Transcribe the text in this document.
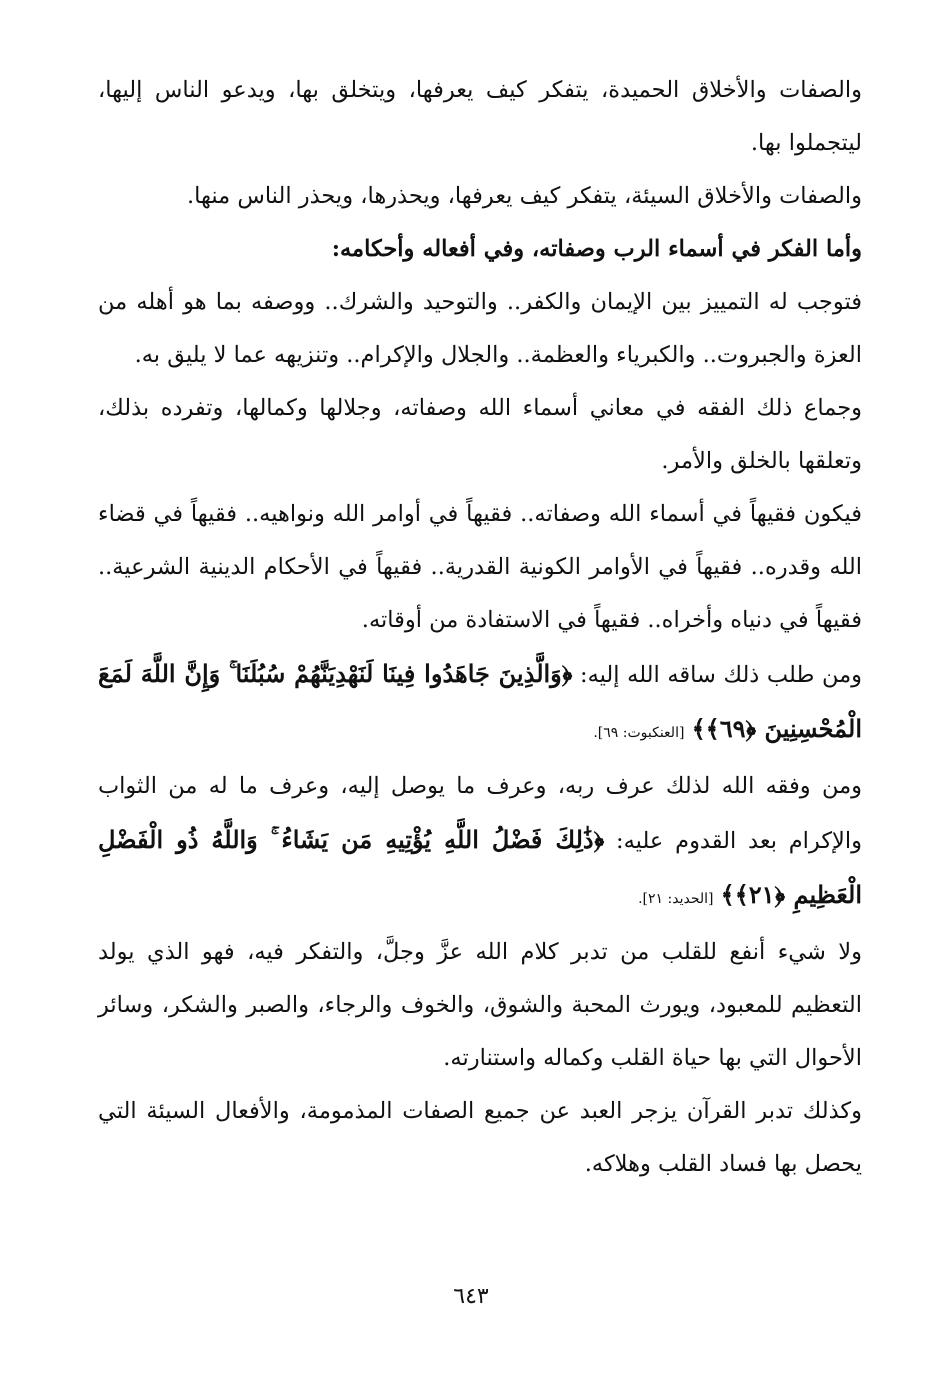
والصفات والأخلاق الحميدة، يتفكر كيف يعرفها، ويتخلق بها، ويدعو الناس إليها، ليتجملوا بها.

والصفات والأخلاق السيئة، يتفكر كيف يعرفها، ويحذرها، ويحذر الناس منها.

وأما الفكر في أسماء الرب وصفاته، وفي أفعاله وأحكامه:

فتوجب له التمييز بين الإيمان والكفر.. والتوحيد والشرك.. ووصفه بما هو أهله من العزة والجبروت.. والكبرياء والعظمة.. والجلال والإكرام.. وتنزيهه عما لا يليق به.

وجماع ذلك الفقه في معاني أسماء الله وصفاته، وجلالها وكمالها، وتفرده بذلك، وتعلقها بالخلق والأمر.

فيكون فقيهاً في أسماء الله وصفاته.. فقيهاً في أوامر الله ونواهيه.. فقيهاً في قضاء الله وقدره.. فقيهاً في الأوامر الكونية القدرية.. فقيهاً في الأحكام الدينية الشرعية.. فقيهاً في دنياه وأخراه.. فقيهاً في الاستفادة من أوقاته.

ومن طلب ذلك ساقه الله إليه: ﴿وَالَّذِينَ جَاهَدُوا فِينَا لَنَهْدِيَنَّهُمْ سُبُلَنَا ۚ وَإِنَّ اللَّهَ لَمَعَ الْمُحْسِنِينَ ﴿٦٩﴾﴾ [العنكبوت: ٦٩].

ومن وفقه الله لذلك عرف ربه، وعرف ما يوصل إليه، وعرف ما له من الثواب والإكرام بعد القدوم عليه: ﴿ذَٰلِكَ فَضْلُ اللَّهِ يُؤْتِيهِ مَن يَشَاءُ ۚ وَاللَّهُ ذُو الْفَضْلِ الْعَظِيمِ ﴿٢١﴾﴾ [الحديد: ٢١].

ولا شيء أنفع للقلب من تدبر كلام الله عزَّ وجلَّ، والتفكر فيه، فهو الذي يولد التعظيم للمعبود، ويورث المحبة والشوق، والخوف والرجاء، والصبر والشكر، وسائر الأحوال التي بها حياة القلب وكماله واستنارته.

وكذلك تدبر القرآن يزجر العبد عن جميع الصفات المذمومة، والأفعال السيئة التي يحصل بها فساد القلب وهلاكه.

٦٤٣
